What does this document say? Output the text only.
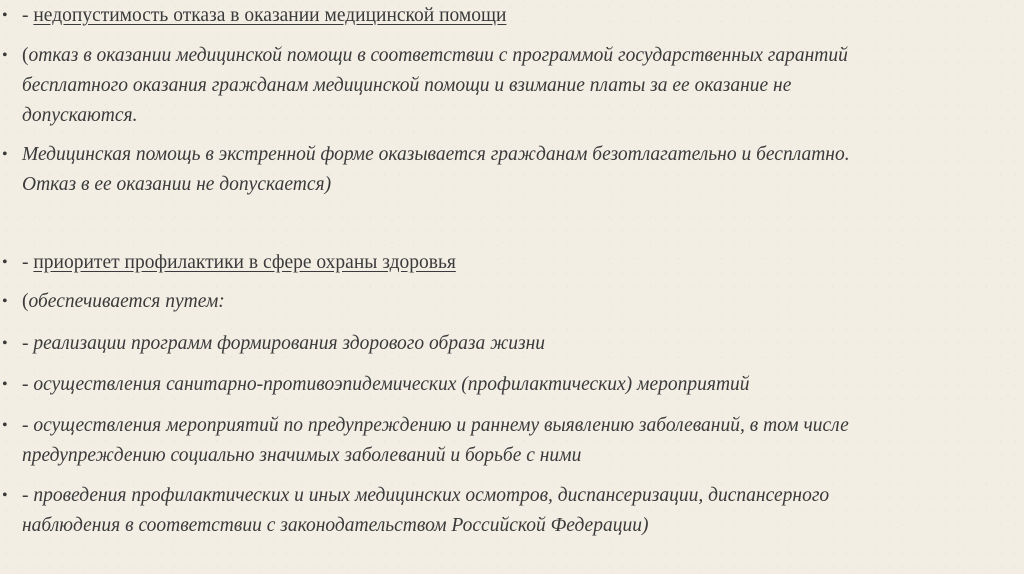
• - недопустимость отказа в оказании медицинской помощи
• (отказ в оказании медицинской помощи в соответствии с программой государственных гарантий
бесплатного оказания гражданам медицинской помощи и взимание платы за ее оказание не
допускаются.
• Медицинская помощь в экстренной форме оказывается гражданам безотлагательно и бесплатно.
Отказ в ее оказании не допускается)
• - приоритет профилактики в сфере охраны здоровья
• (обеспечивается путем:
• - реализации программ формирования здорового образа жизни
• - осуществления санитарно-противоэпидемических (профилактических) мероприятий
• - осуществления мероприятий по предупреждению и раннему выявлению заболеваний, в том числе
предупреждению социально значимых заболеваний и борьбе с ними
• - проведения профилактических и иных медицинских осмотров, диспансеризации, диспансерного
наблюдения в соответствии с законодательством Российской Федерации)
